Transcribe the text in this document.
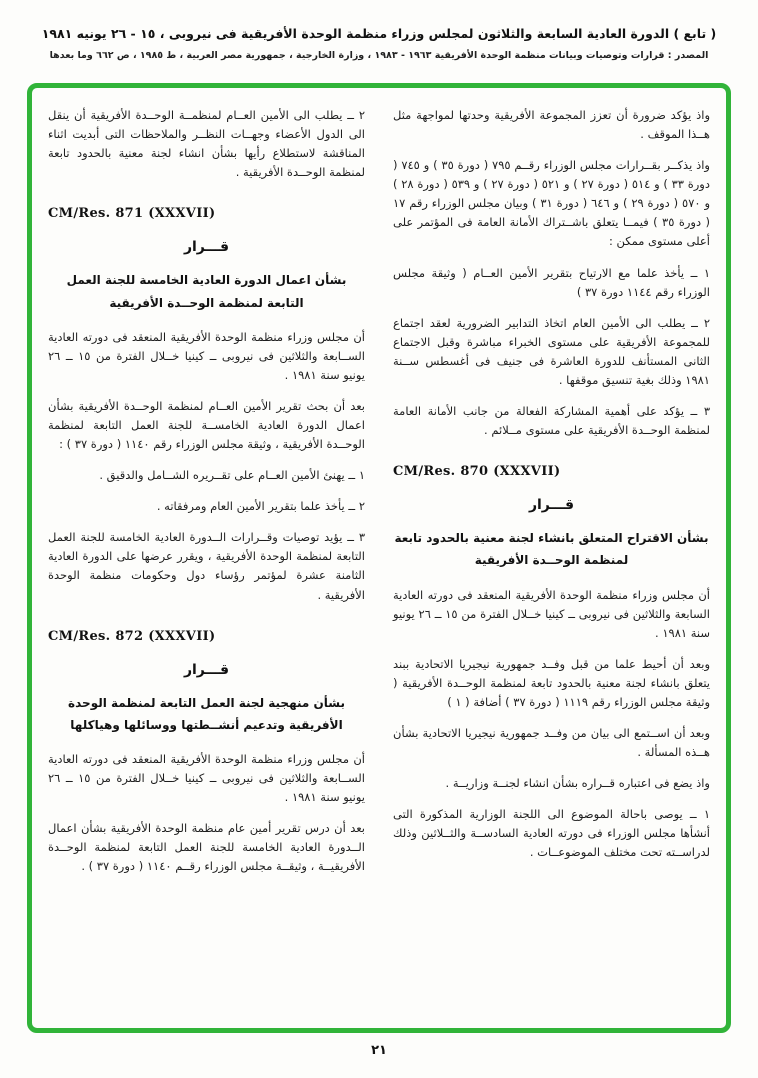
( تابع ) الدورة العادية السابعة والثلاثون لمجلس وزراء منظمة الوحدة الأفريقية فى نيروبى ، ١٥ - ٢٦ يونيه ١٩٨١
المصدر : قرارات وتوصيات وبيانات منظمة الوحدة الأفريقية ١٩٦٣ - ١٩٨٣ ، وزارة الخارجية ، جمهورية مصر العربية ، ط ١٩٨٥ ، ص ٦٦٢ وما بعدها
واذ يؤكد ضرورة أن تعزز المجموعة الأفريقية وحدتها لمواجهة مثل هــذا الموقف .
واذ يذكــر بقــرارات مجلس الوزراء رقــم ٧٩٥ ( دورة ٣٥ ) و ٧٤٥ ( دورة ٣٣ ) و ٥١٤ ( دورة ٢٧ ) و ٥٢١ ( دورة ٢٧ ) و ٥٣٩ ( دورة ٢٨ ) و ٥٧٠ ( دورة ٢٩ ) و ٦٤٦ ( دورة ٣١ ) وبيان مجلس الوزراء رقم ١٧ ( دورة ٣٥ ) فيمــا يتعلق باشــتراك الأمانة العامة فى المؤتمر على أعلى مستوى ممكن :
١ ــ يأخذ علما مع الارتياح بتقرير الأمين العــام ( وثيقة مجلس الوزراء رقم ١١٤٤ دورة ٣٧ )
٢ ــ يطلب الى الأمين العام اتخاذ التدابير الضرورية لعقد اجتماع للمجموعة الأفريقية على مستوى الخبراء مباشرة وقبل الاجتماع الثانى المستأنف للدورة العاشرة فى جنيف فى أغسطس ســنة ١٩٨١ وذلك بغية تنسيق موقفها .
٣ ــ يؤكد على أهمية المشاركة الفعالة من جانب الأمانة العامة لمنظمة الوحــدة الأفريقية على مستوى مــلائم .
CM/Res. 870 (XXXVII)
قـــرار
بشأن الاقتراح المتعلق بانشاء لجنة معنية بالحدود تابعة لمنظمة الوحــدة الأفريقية
أن مجلس وزراء منظمة الوحدة الأفريقية المنعقد فى دورته العادية السابعة والثلاثين فى نيروبى ــ كينيا خــلال الفترة من ١٥ ــ ٢٦ يونيو سنة ١٩٨١ .
وبعد أن أحيط علما من قبل وفــد جمهورية نيجيريا الاتحادية ببند يتعلق بانشاء لجنة معنية بالحدود تابعة لمنظمة الوحــدة الأفريقية ( وثيقة مجلس الوزراء رقم ١١١٩ ( دورة ٣٧ ) أضافة ( ١ )
وبعد أن اســتمع الى بيان من وفــد جمهورية نيجيريا الاتحادية بشأن هــذه المسألة .
واذ يضع فى اعتباره قــراره بشأن انشاء لجنــة وزاريــة .
١ ــ يوصى باحالة الموضوع الى اللجنة الوزارية المذكورة التى أنشأها مجلس الوزراء فى دورته العادية السادســة والثــلاثين وذلك لدراســته تحت مختلف الموضوعــات .
٢ ــ يطلب الى الأمين العــام لمنظمــة الوحــدة الأفريقية أن ينقل الى الدول الأعضاء وجهــات النظــر والملاحظات التى أبديت اثناء المناقشة لاستطلاع رأيها بشأن انشاء لجنة معنية بالحدود تابعة لمنظمة الوحــدة الأفريقية .
CM/Res. 871 (XXXVII)
قـــرار
بشأن اعمال الدورة العادية الخامسة للجنة العمل التابعة لمنظمة الوحــدة الأفريقية
أن مجلس وزراء منظمة الوحدة الأفريقية المنعقد فى دورته العادية الســابعة والثلاثين فى نيروبى ــ كينيا خــلال الفترة من ١٥ ــ ٢٦ يونيو سنة ١٩٨١ .
بعد أن بحث تقرير الأمين العــام لمنظمة الوحــدة الأفريقية بشأن اعمال الدورة العادية الخامســة للجنة العمل التابعة لمنظمة الوحــدة الأفريقية ، وثيقة مجلس الوزراء رقم ١١٤٠ ( دورة ٣٧ ) :
١ ــ يهنئ الأمين العــام على تقــريره الشــامل والدقيق .
٢ ــ يأخذ علما بتقرير الأمين العام ومرفقاته .
٣ ــ يؤيد توصيات وقــرارات الــدورة العادية الخامسة للجنة العمل التابعة لمنظمة الوحدة الأفريقية ، ويقرر عرضها على الدورة العادية الثامنة عشرة لمؤتمر رؤساء دول وحكومات منظمة الوحدة الأفريقية .
CM/Res. 872 (XXXVII)
قـــرار
بشأن منهجية لجنة العمل التابعة لمنظمة الوحدة الأفريقية وتدعيم أنشــطتها ووسائلها وهياكلها
أن مجلس وزراء منظمة الوحدة الأفريقية المنعقد فى دورته العادية الســابعة والثلاثين فى نيروبى ــ كينيا خــلال الفترة من ١٥ ــ ٢٦ يونيو سنة ١٩٨١ .
بعد أن درس تقرير أمين عام منظمة الوحدة الأفريقية بشأن اعمال الــدورة العادية الخامسة للجنة العمل التابعة لمنظمة الوحــدة الأفريقيــة ، وثيقــة مجلس الوزراء رقــم ١١٤٠ ( دورة ٣٧ ) .
٢١
